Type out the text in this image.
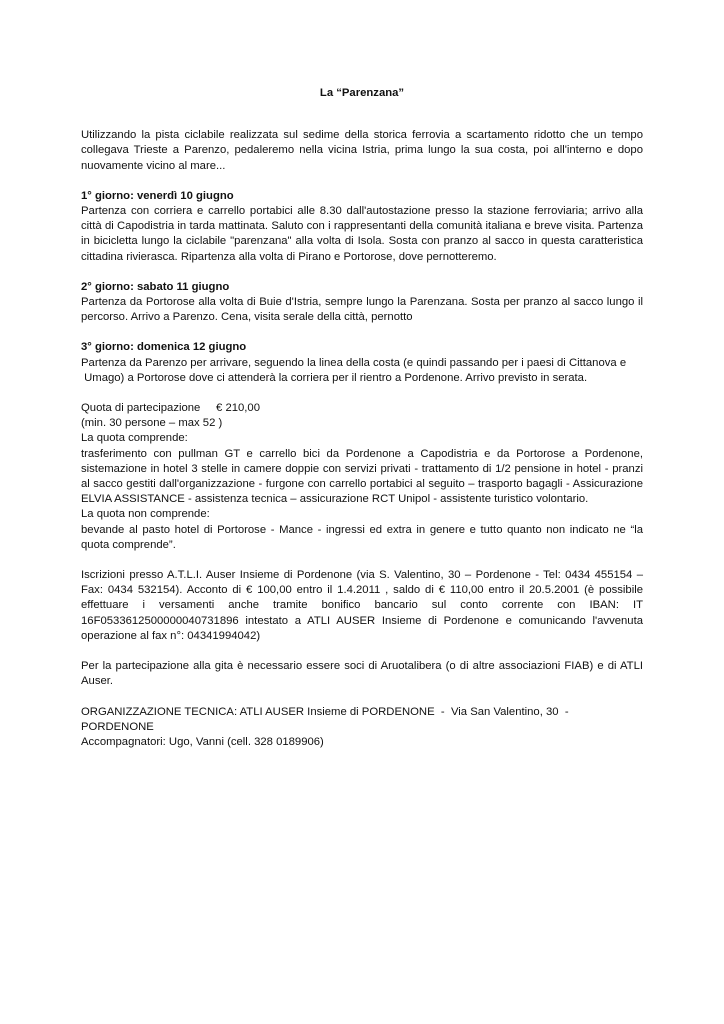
La “Parenzana”

Utilizzando la pista ciclabile realizzata sul sedime della storica ferrovia a scartamento ridotto che un tempo collegava Trieste a Parenzo, pedaleremo nella vicina Istria, prima lungo la sua costa, poi all'interno e dopo nuovamente vicino al mare...

1° giorno: venerdì 10 giugno

Partenza con corriera e carrello portabici alle 8.30 dall'autostazione presso la stazione ferroviaria; arrivo alla città di Capodistria in tarda mattinata. Saluto con i rappresentanti della comunità italiana e breve visita. Partenza in bicicletta lungo la ciclabile "parenzana" alla volta di Isola. Sosta con pranzo al sacco in questa caratteristica cittadina rivierasca. Ripartenza alla volta di Pirano e Portorose, dove pernotteremo.

2° giorno: sabato 11 giugno

Partenza da Portorose alla volta di Buie d'Istria, sempre lungo la Parenzana. Sosta per pranzo al sacco lungo il percorso. Arrivo a Parenzo. Cena, visita serale della città, pernotto

3° giorno: domenica 12 giugno

Partenza da Parenzo per arrivare, seguendo la linea della costa (e quindi passando per i paesi di Cittanova e

Umago) a Portorose dove ci attenderà la corriera per il rientro a Pordenone. Arrivo previsto in serata.

Quota di partecipazione     € 210,00

(min. 30 persone – max 52 )

La quota comprende:

trasferimento con pullman GT e carrello bici da Pordenone a Capodistria e da Portorose a Pordenone, sistemazione in hotel 3 stelle in camere doppie con servizi privati - trattamento di 1/2 pensione in hotel - pranzi al sacco gestiti dall'organizzazione - furgone con carrello portabici al seguito – trasporto bagagli - Assicurazione ELVIA ASSISTANCE - assistenza tecnica – assicurazione RCT Unipol - assistente turistico volontario.

La quota non comprende:

bevande al pasto hotel di Portorose - Mance - ingressi ed extra in genere e tutto quanto non indicato ne “la quota comprende”.

Iscrizioni presso A.T.L.I. Auser Insieme di Pordenone (via S. Valentino, 30 – Pordenone - Tel: 0434 455154 – Fax: 0434 532154). Acconto di € 100,00 entro il 1.4.2011 , saldo di € 110,00 entro il 20.5.2001 (è possibile effettuare i versamenti anche tramite bonifico bancario sul conto corrente con IBAN: IT 16F0533612500000040731896 intestato a ATLI AUSER Insieme di Pordenone e comunicando l'avvenuta operazione al fax n°: 04341994042)

Per la partecipazione alla gita è necessario essere soci di Aruotalibera (o di altre associazioni FIAB) e di ATLI Auser.

ORGANIZZAZIONE TECNICA: ATLI AUSER Insieme di PORDENONE  -  Via San Valentino, 30  -  PORDENONE

Accompagnatori: Ugo, Vanni (cell. 328 0189906)
